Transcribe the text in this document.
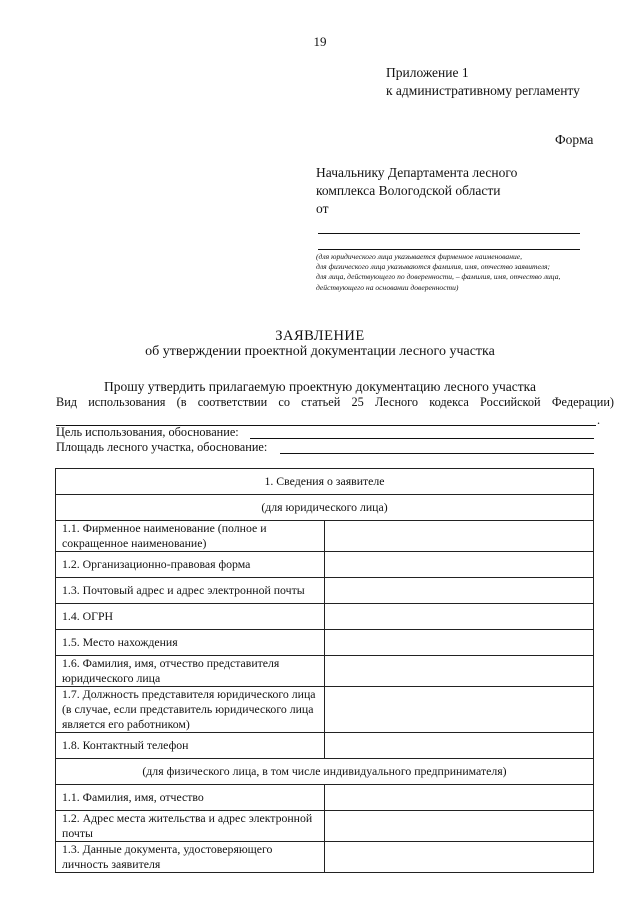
19
Приложение 1
к административному регламенту
Форма
Начальнику Департамента лесного
комплекса Вологодской области
от
(для юридического лица указывается фирменное наименование,
для физического лица указываются фамилия, имя, отчество заявителя;
для лица, действующего по доверенности, – фамилия, имя, отчество лица,
действующего на основании доверенности)
ЗАЯВЛЕНИЕ
об утверждении проектной документации лесного участка
Прошу утвердить прилагаемую проектную документацию лесного участка
Вид использования (в соответствии со статьей 25 Лесного кодекса Российской Федерации)
.
Цель использования, обоснование:
Площадь лесного участка, обоснование:
1. Сведения о заявителе	
(для юридического лица)	
1.1. Фирменное наименование (полное и сокращенное наименование)	
1.2. Организационно-правовая форма	
1.3. Почтовый адрес и адрес электронной почты	
1.4. ОГРН	
1.5. Место нахождения	
1.6. Фамилия, имя, отчество представителя юридического лица	
1.7. Должность представителя юридического лица (в случае, если представитель юридического лица является его работником)	
1.8. Контактный телефон	
(для физического лица, в том числе индивидуального предпринимателя)	
1.1. Фамилия, имя, отчество	
1.2. Адрес места жительства и адрес электронной почты	
1.3. Данные документа, удостоверяющего личность заявителя	
